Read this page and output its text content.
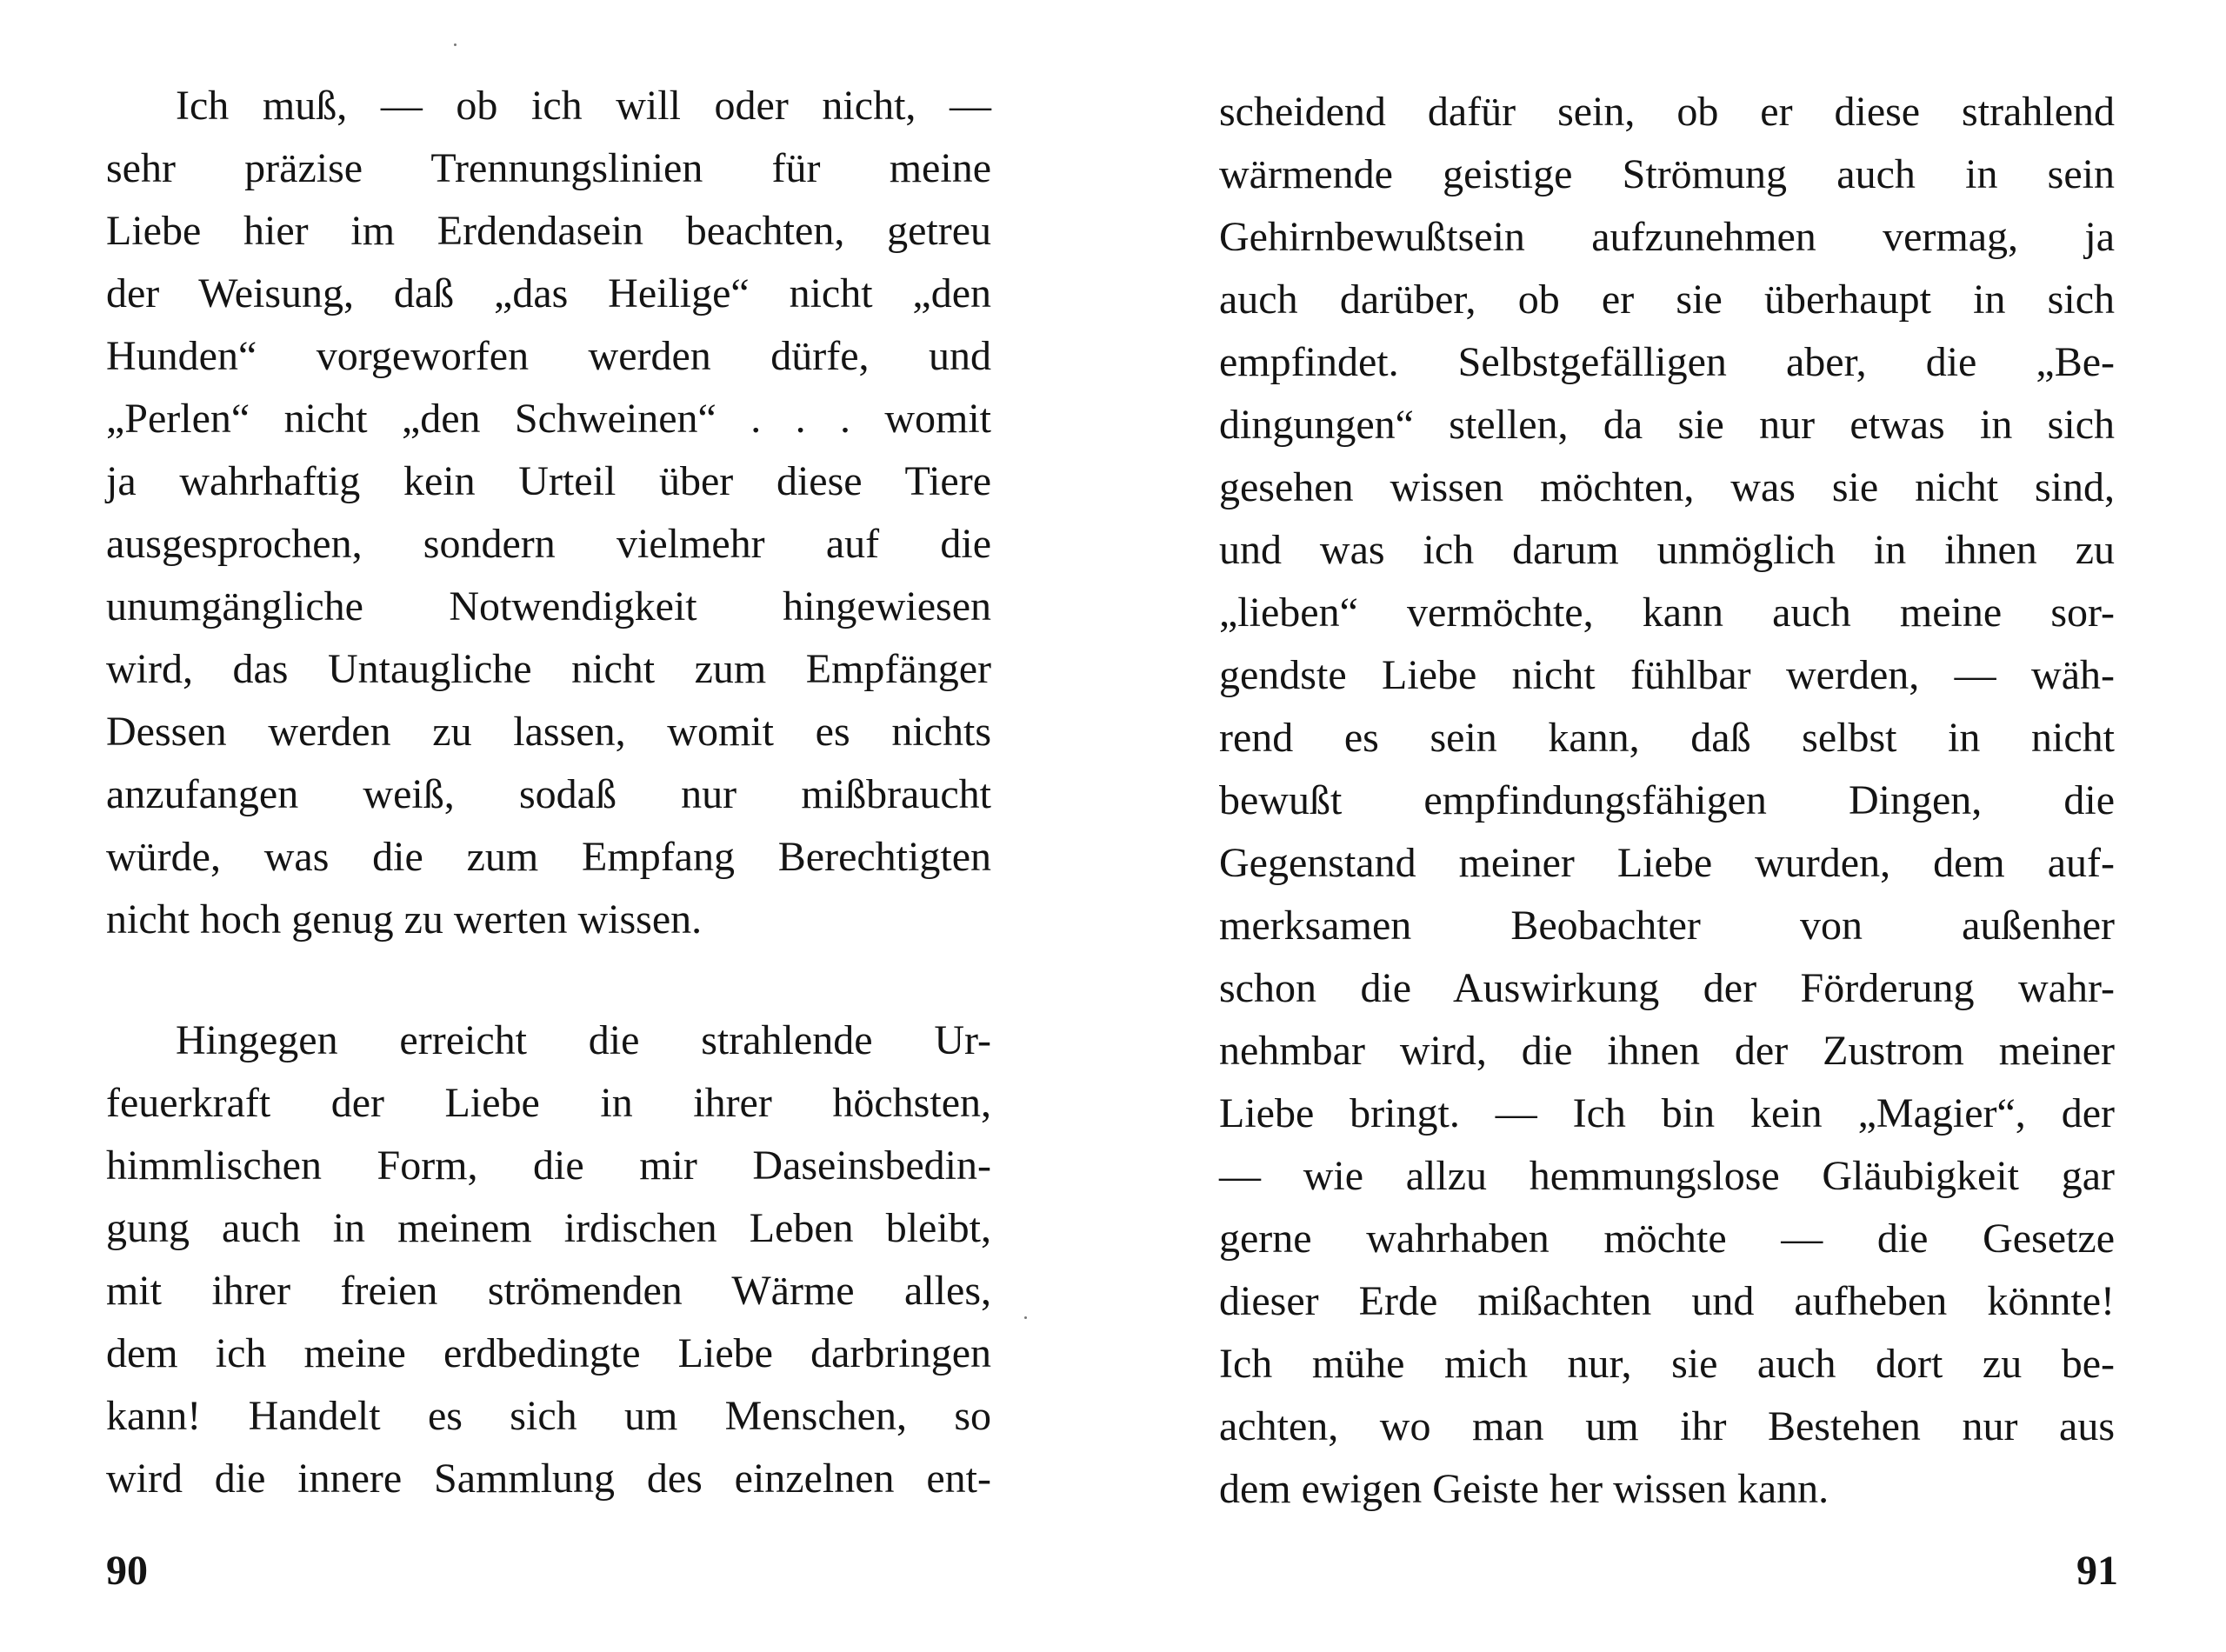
Ich muß, — ob ich will oder nicht, —
sehr präzise Trennungslinien für meine
Liebe hier im Erdendasein beachten, getreu
der Weisung, daß „das Heilige“ nicht „den
Hunden“ vorgeworfen werden dürfe, und
„Perlen“ nicht „den Schweinen“ . . . womit
ja wahrhaftig kein Urteil über diese Tiere
ausgesprochen, sondern vielmehr auf die
unumgängliche Notwendigkeit hingewiesen
wird, das Untaugliche nicht zum Empfänger
Dessen werden zu lassen, womit es nichts
anzufangen weiß, sodaß nur mißbraucht
würde, was die zum Empfang Berechtigten
nicht hoch genug zu werten wissen.
Hingegen erreicht die strahlende Ur-
feuerkraft der Liebe in ihrer höchsten,
himmlischen Form, die mir Daseinsbedin-
gung auch in meinem irdischen Leben bleibt,
mit ihrer freien strömenden Wärme alles,
dem ich meine erdbedingte Liebe darbringen
kann! Handelt es sich um Menschen, so
wird die innere Sammlung des einzelnen ent-
90
scheidend dafür sein, ob er diese strahlend
wärmende geistige Strömung auch in sein
Gehirnbewußtsein aufzunehmen vermag, ja
auch darüber, ob er sie überhaupt in sich
empfindet. Selbstgefälligen aber, die „Be-
dingungen“ stellen, da sie nur etwas in sich
gesehen wissen möchten, was sie nicht sind,
und was ich darum unmöglich in ihnen zu
„lieben“ vermöchte, kann auch meine sor-
gendste Liebe nicht fühlbar werden, — wäh-
rend es sein kann, daß selbst in nicht
bewußt empfindungsfähigen Dingen, die
Gegenstand meiner Liebe wurden, dem auf-
merksamen Beobachter von außenher
schon die Auswirkung der Förderung wahr-
nehmbar wird, die ihnen der Zustrom meiner
Liebe bringt. — Ich bin kein „Magier“, der
— wie allzu hemmungslose Gläubigkeit gar
gerne wahrhaben möchte — die Gesetze
dieser Erde mißachten und aufheben könnte!
Ich mühe mich nur, sie auch dort zu be-
achten, wo man um ihr Bestehen nur aus
dem ewigen Geiste her wissen kann.
91
